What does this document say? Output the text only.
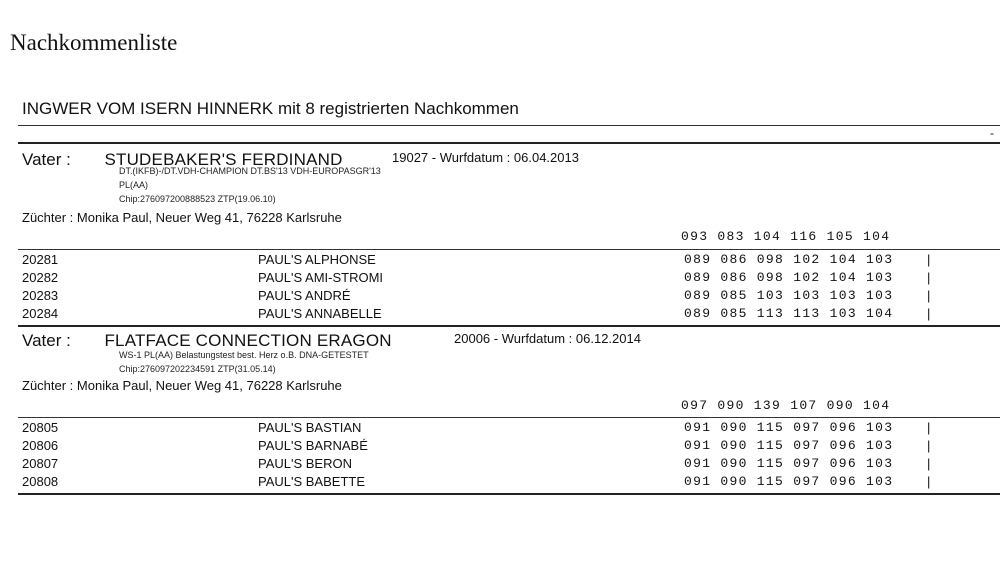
Nachkommenliste
INGWER VOM ISERN HINNERK mit 8 registrierten Nachkommen
-
Vater : STUDEBAKER'S FERDINAND	19027 - Wurfdatum : 06.04.2013
DT.(IKFB)-/DT.VDH-CHAMPION DT.BS'13 VDH-EUROPASGR'13
PL(AA)
Chip:276097200888523 ZTP(19.06.10)
Züchter : Monika Paul, Neuer Weg 41, 76228 Karlsruhe
093 083 104 116 105 104
20281	PAUL'S ALPHONSE	089 086 098 102 104 103	|
20282	PAUL'S AMI-STROMI	089 086 098 102 104 103	|
20283	PAUL'S ANDRÉ	089 085 103 103 103 103	|
20284	PAUL'S ANNABELLE	089 085 113 113 103 104	|
Vater : FLATFACE CONNECTION ERAGON	20006 - Wurfdatum : 06.12.2014
WS-1 PL(AA) Belastungstest best. Herz o.B. DNA-GETESTET
Chip:276097202234591 ZTP(31.05.14)
Züchter : Monika Paul, Neuer Weg 41, 76228 Karlsruhe
097 090 139 107 090 104
20805	PAUL'S BASTIAN	091 090 115 097 096 103	|
20806	PAUL'S BARNABÉ	091 090 115 097 096 103	|
20807	PAUL'S BERON	091 090 115 097 096 103	|
20808	PAUL'S BABETTE	091 090 115 097 096 103	|
